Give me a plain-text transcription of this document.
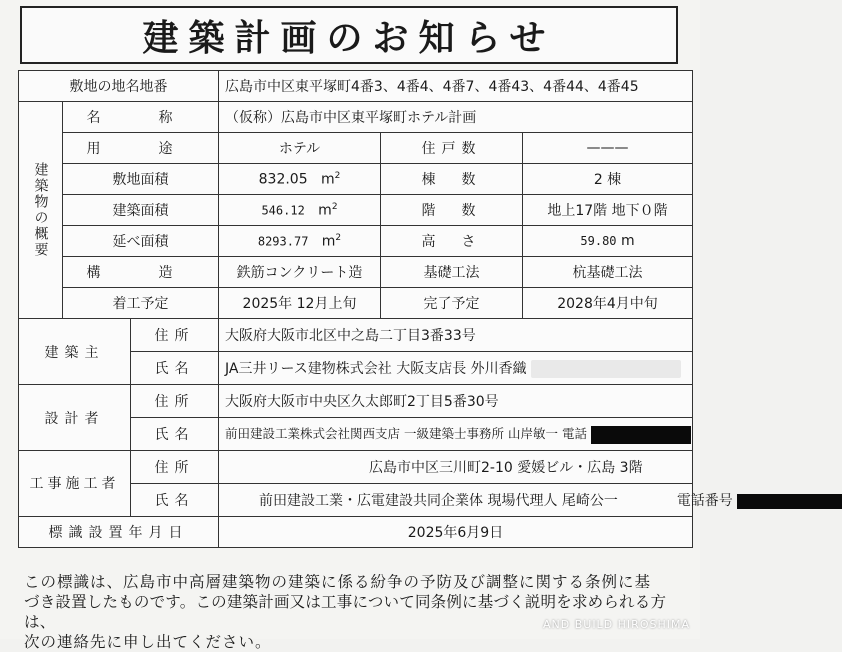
建築計画のお知らせ
敷地の地名地番			広島市中区東平塚町4番3、4番4、4番7、4番43、4番44、4番45		
建築物の概要	名　称		（仮称）広島市中区東平塚町ホテル計画		
	用　途		ホテル	住戸数	———
	敷地面積		832.05 $m^2$	棟　数	2 棟
	建築面積		546.12 $m^2$	階　数	地上17階 地下０階
	延べ面積		8293.77 $m^2$	高　さ	59.80 m
	構　造		鉄筋コンクリート造	基礎工法	杭基礎工法
	着工予定		2025年 12月上旬	完了予定	2028年4月中旬
建築主		住所	大阪府大阪市北区中之島二丁目3番33号		
		氏名	JA三井リース建物株式会社 大阪支店長 外川香織		
設計者		住所	大阪府大阪市中央区久太郎町2丁目5番30号		
		氏名	前田建設工業株式会社関西支店 一級建築士事務所 山岸敏一 電話		
工事施工者		住所	広島市中区三川町2-10 愛媛ビル・広島 3階		
		氏名	前田建設工業・広電建設共同企業体 現場代理人 尾崎公一 電話番号		
標識設置年月日			2025年6月9日		
この標識は、広島市中高層建築物の建築に係る紛争の予防及び調整に関する条例に基
づき設置したものです。この建築計画又は工事について同条例に基づく説明を求められる方は、
次の連絡先に申し出てください。
AND BUILD HIROSHIMA
